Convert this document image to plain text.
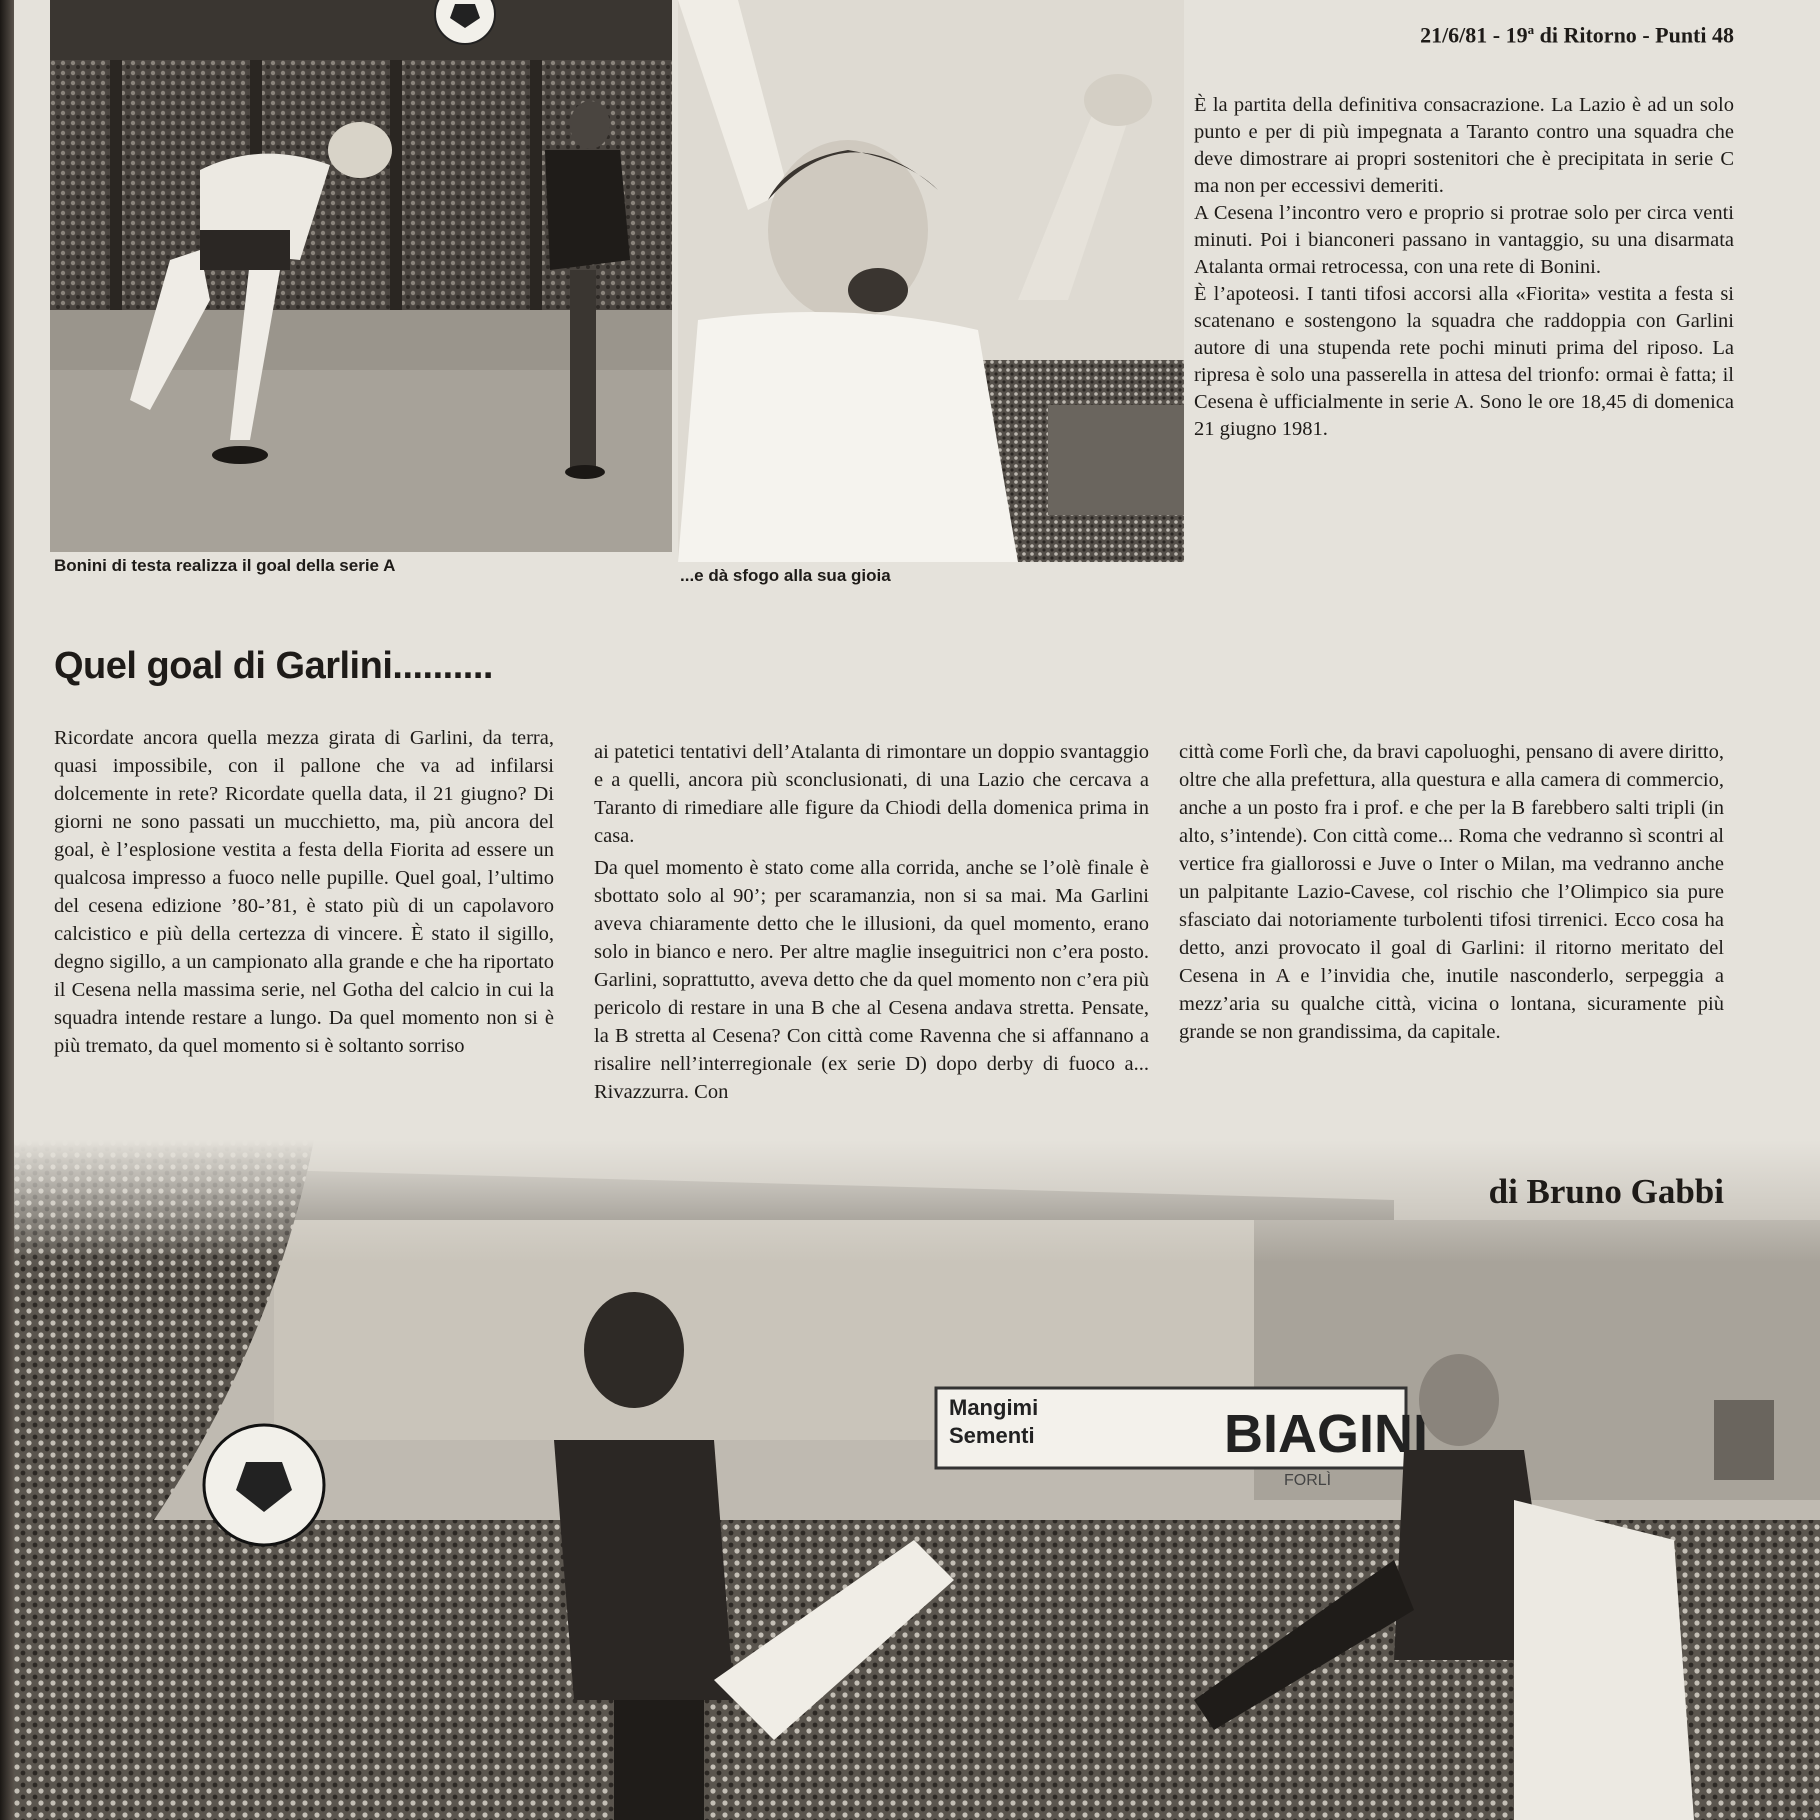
Bonini di testa realizza il goal della serie A
...e dà sfogo alla sua gioia
21/6/81 - 19$^a$ di Ritorno - Punti 48

È la partita della definitiva consacrazione. La Lazio è ad un solo punto e per di più impegnata a Taranto contro una squadra che deve dimostrare ai propri sostenitori che è precipitata in serie C ma non per eccessivi demeriti.

A Cesena l’incontro vero e proprio si protrae solo per circa venti minuti. Poi i bianconeri passano in vantaggio, su una disarmata Atalanta ormai retrocessa, con una rete di Bonini.

È l’apoteosi. I tanti tifosi accorsi alla «Fiorita» vestita a festa si scatenano e sostengono la squadra che raddoppia con Garlini autore di una stupenda rete pochi minuti prima del riposo. La ripresa è solo una passerella in attesa del trionfo: ormai è fatta; il Cesena è ufficialmente in serie A. Sono le ore 18,45 di domenica 21 giugno 1981.

Quel goal di Garlini..........

Ricordate ancora quella mezza girata di Garlini, da terra, quasi impossibile, con il pallone che va ad infilarsi dolcemente in rete? Ricordate quella data, il 21 giugno? Di giorni ne sono passati un mucchietto, ma, più ancora del goal, è l’esplosione vestita a festa della Fiorita ad essere un qualcosa impresso a fuoco nelle pupille. Quel goal, l’ultimo del cesena edizione ’80-’81, è stato più di un capolavoro calcistico e più della certezza di vincere. È stato il sigillo, degno sigillo, a un campionato alla grande e che ha riportato il Cesena nella massima serie, nel Gotha del calcio in cui la squadra intende restare a lungo. Da quel momento non si è più tremato, da quel momento si è soltanto sorriso

ai patetici tentativi dell’Atalanta di rimontare un doppio svantaggio e a quelli, ancora più sconclusionati, di una Lazio che cercava a Taranto di rimediare alle figure da Chiodi della domenica prima in casa.

Da quel momento è stato come alla corrida, anche se l’olè finale è sbottato solo al 90’; per scaramanzia, non si sa mai. Ma Garlini aveva chiaramente detto che le illusioni, da quel momento, erano solo in bianco e nero. Per altre maglie inseguitrici non c’era posto. Garlini, soprattutto, aveva detto che da quel momento non c’era più pericolo di restare in una B che al Cesena andava stretta. Pensate, la B stretta al Cesena? Con città come Ravenna che si affannano a risalire nell’interregionale (ex serie D) dopo derby di fuoco a... Rivazzurra. Con

città come Forlì che, da bravi capoluoghi, pensano di avere diritto, oltre che alla prefettura, alla questura e alla camera di commercio, anche a un posto fra i prof. e che per la B farebbero salti tripli (in alto, s’intende). Con città come... Roma che vedranno sì scontri al vertice fra giallorossi e Juve o Inter o Milan, ma vedranno anche un palpitante Lazio-Cavese, col rischio che l’Olimpico sia pure sfasciato dai notoriamente turbolenti tifosi tirrenici. Ecco cosa ha detto, anzi provocato il goal di Garlini: il ritorno meritato del Cesena in A e l’invidia che, inutile nasconderlo, serpeggia a mezz’aria su qualche città, vicina o lontana, sicuramente più grande se non grandissima, da capitale.

di Bruno Gabbi
